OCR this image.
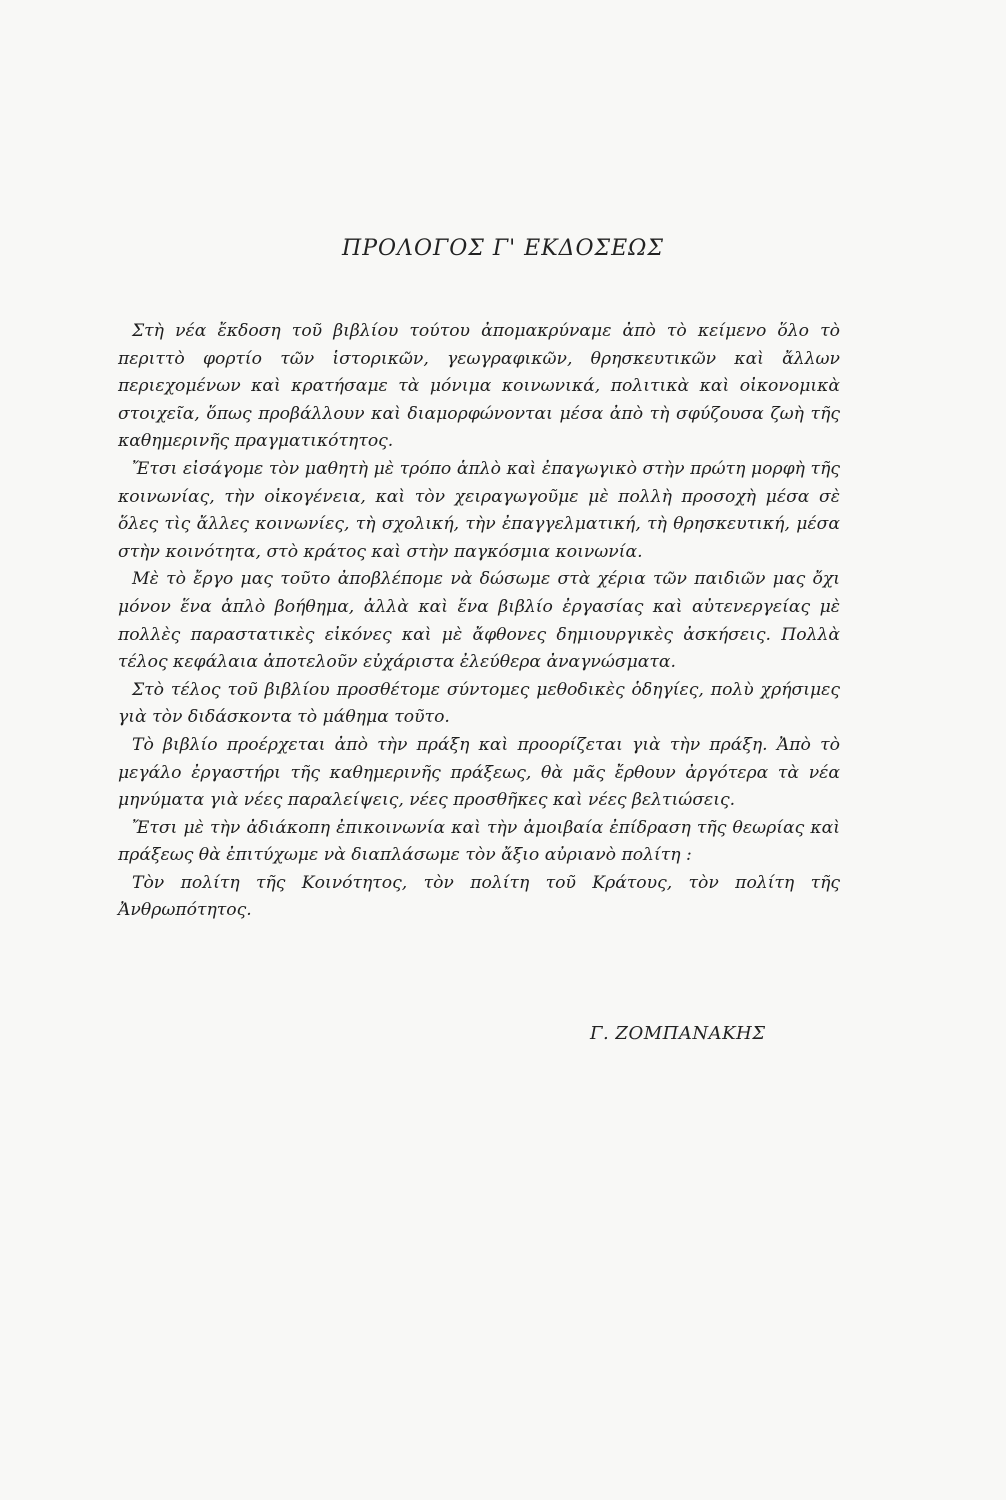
ΠΡΟΛΟΓΟΣ Γ' ΕΚΔΟΣΕΩΣ

Στὴ νέα ἔκδοση τοῦ βιβλίου τούτου ἀπομακρύναμε ἀπὸ τὸ κείμενο ὅλο τὸ περιττὸ φορτίο τῶν ἱστορικῶν, γεωγραφικῶν, θρησκευτικῶν καὶ ἄλλων περιεχομένων καὶ κρατήσαμε τὰ μόνιμα κοινωνικά, πολιτικὰ καὶ οἰκονομικὰ στοιχεῖα, ὅπως προβάλλουν καὶ διαμορφώνονται μέσα ἀπὸ τὴ σφύζουσα ζωὴ τῆς καθημερινῆς πραγματικότητος.

Ἔτσι εἰσάγομε τὸν μαθητὴ μὲ τρόπο ἁπλὸ καὶ ἐπαγωγικὸ στὴν πρώτη μορφὴ τῆς κοινωνίας, τὴν οἰκογένεια, καὶ τὸν χειραγωγοῦμε μὲ πολλὴ προσοχὴ μέσα σὲ ὅλες τὶς ἄλλες κοινωνίες, τὴ σχολική, τὴν ἐπαγγελματική, τὴ θρησκευτική, μέσα στὴν κοινότητα, στὸ κράτος καὶ στὴν παγκόσμια κοινωνία.

Μὲ τὸ ἔργο μας τοῦτο ἀποβλέπομε νὰ δώσωμε στὰ χέρια τῶν παιδιῶν μας ὄχι μόνον ἕνα ἁπλὸ βοήθημα, ἀλλὰ καὶ ἕνα βιβλίο ἐργασίας καὶ αὐτενεργείας μὲ πολλὲς παραστατικὲς εἰκόνες καὶ μὲ ἄφθονες δημιουργικὲς ἀσκήσεις. Πολλὰ τέλος κεφάλαια ἀποτελοῦν εὐχάριστα ἐλεύθερα ἀναγνώσματα.

Στὸ τέλος τοῦ βιβλίου προσθέτομε σύντομες μεθοδικὲς ὁδηγίες, πολὺ χρήσιμες γιὰ τὸν διδάσκοντα τὸ μάθημα τοῦτο.

Τὸ βιβλίο προέρχεται ἀπὸ τὴν πράξη καὶ προορίζεται γιὰ τὴν πράξη. Ἀπὸ τὸ μεγάλο ἐργαστήρι τῆς καθημερινῆς πράξεως, θὰ μᾶς ἔρθουν ἀργότερα τὰ νέα μηνύματα γιὰ νέες παραλείψεις, νέες προσθῆκες καὶ νέες βελτιώσεις.

Ἔτσι μὲ τὴν ἀδιάκοπη ἐπικοινωνία καὶ τὴν ἀμοιβαία ἐπίδραση τῆς θεωρίας καὶ πράξεως θὰ ἐπιτύχωμε νὰ διαπλάσωμε τὸν ἄξιο αὐριανὸ πολίτη :

Τὸν πολίτη τῆς Κοινότητος, τὸν πολίτη τοῦ Κράτους, τὸν πολίτη τῆς Ἀνθρωπότητος.

Γ. ΖΟΜΠΑΝΑΚΗΣ
